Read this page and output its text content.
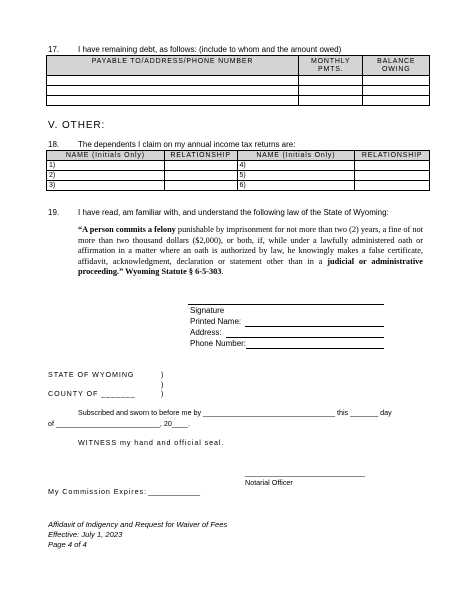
17. I have remaining debt, as follows: (include to whom and the amount owed)
PAYABLE TO/ADDRESS/PHONE NUMBER	MONTHLY PMTS.	BALANCE OWING

V. OTHER:
18. The dependents I claim on my annual income tax returns are:
NAME (Initials Only)	RELATIONSHIP	NAME (Initials Only)	RELATIONSHIP
1)		4)	
2)		5)	
3)		6)	
19. I have read, am familiar with, and understand the following law of the State of Wyoming:
“A person commits a felony punishable by imprisonment for not more than two (2) years, a fine of not more than two thousand dollars ($2,000), or both, if, while under a lawfully administered oath or affirmation in a matter where an oath is authorized by law, he knowingly makes a false certificate, affidavit, acknowledgment, declaration or statement other than in a judicial or administrative proceeding.” Wyoming Statute § 6-5-303.
Signature
Printed Name:
Address:
Phone Number:
STATE OF WYOMING	)
)
COUNTY OF _______	)
Subscribed and sworn to before me by _________________________________ this _______ day
of __________________________, 20____.
WITNESS my hand and official seal.
______________________________
Notarial Officer
My Commission Expires: _____________
Affidavit of Indigency and Request for Waiver of Fees
Effective: July 1, 2023
Page 4 of 4
